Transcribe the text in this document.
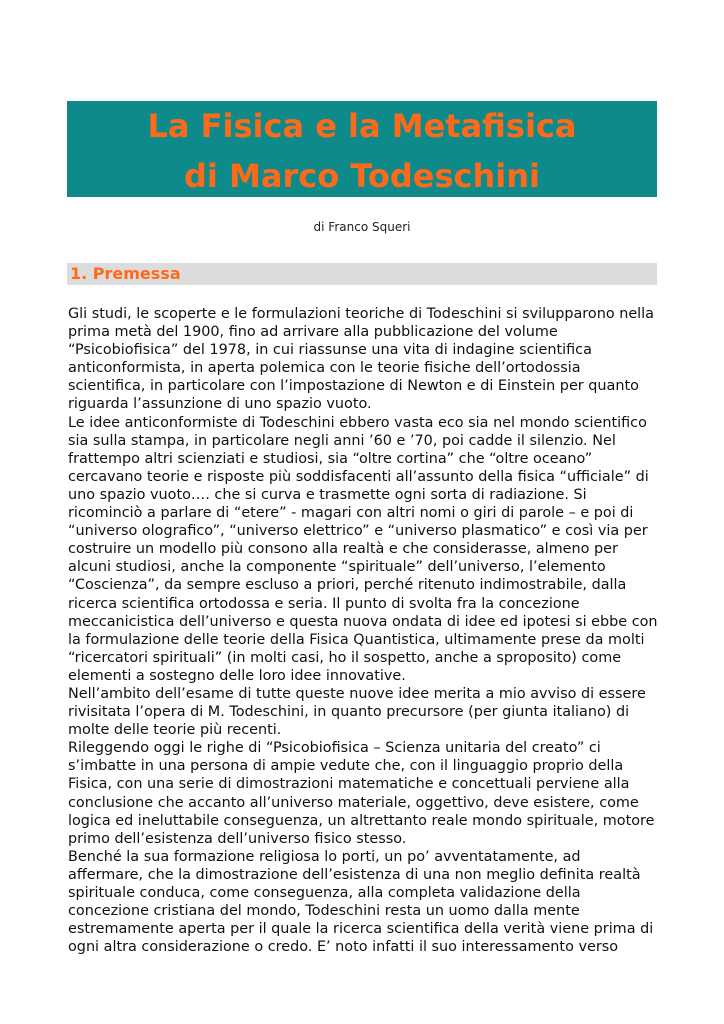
La Fisica e la Metafisica
di Marco Todeschini
di Franco Squeri
1. Premessa

Gli studi, le scoperte e le formulazioni teoriche di Todeschini si svilupparono nella prima metà del 1900, fino ad arrivare alla pubblicazione del volume “Psicobiofisica” del 1978, in cui riassunse una vita di indagine scientifica anticonformista, in aperta polemica con le teorie fisiche dell’ortodossia scientifica, in particolare con l’impostazione di Newton e di Einstein per quanto riguarda l’assunzione di uno spazio vuoto.

Le idee anticonformiste di Todeschini ebbero vasta eco sia nel mondo scientifico sia sulla stampa, in particolare negli anni ’60 e ’70, poi cadde il silenzio. Nel frattempo altri scienziati e studiosi, sia “oltre cortina” che “oltre oceano” cercavano teorie e risposte più soddisfacenti all’assunto della fisica “ufficiale” di uno spazio vuoto…. che si curva e trasmette ogni sorta di radiazione. Si ricominciò a parlare di “etere” - magari con altri nomi o giri di parole – e poi di “universo olografico”, “universo elettrico” e “universo plasmatico” e così via per costruire un modello più consono alla realtà e che considerasse, almeno per alcuni studiosi, anche la componente “spirituale” dell’universo, l’elemento “Coscienza”, da sempre escluso a priori, perché ritenuto indimostrabile, dalla ricerca scientifica ortodossa e seria. Il punto di svolta fra la concezione meccanicistica dell’universo e questa nuova ondata di idee ed ipotesi si ebbe con la formulazione delle teorie della Fisica Quantistica, ultimamente prese da molti “ricercatori spirituali” (in molti casi, ho il sospetto, anche a sproposito) come elementi a sostegno delle loro idee innovative.

Nell’ambito dell’esame di tutte queste nuove idee merita a mio avviso di essere rivisitata l’opera di M. Todeschini, in quanto precursore (per giunta italiano) di molte delle teorie più recenti.

Rileggendo oggi le righe di “Psicobiofisica – Scienza unitaria del creato” ci s’imbatte in una persona di ampie vedute che, con il linguaggio proprio della Fisica, con una serie di dimostrazioni matematiche e concettuali perviene alla conclusione che accanto all’universo materiale, oggettivo, deve esistere, come logica ed ineluttabile conseguenza, un altrettanto reale mondo spirituale, motore primo dell’esistenza dell’universo fisico stesso.

Benché la sua formazione religiosa lo porti, un po’ avventatamente, ad affermare, che la dimostrazione dell’esistenza di una non meglio definita realtà spirituale conduca, come conseguenza, alla completa validazione della concezione cristiana del mondo, Todeschini resta un uomo dalla mente estremamente aperta per il quale la ricerca scientifica della verità viene prima di ogni altra considerazione o credo. E’ noto infatti il suo interessamento verso
